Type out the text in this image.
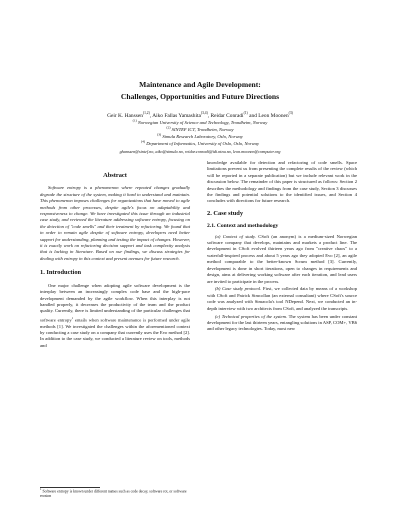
Maintenance and Agile Development:
Challenges, Opportunities and Future Directions
Geir K. Hanssen$^{(1,2)}$, Aiko Fallas Yamashita$^{(3,4)}$, Reidar Conradi$^{(1)}$ and Leon Moonen$^{(3)}$
$^{(1)}$ Norwegian University of Science and Technology, Trondheim, Norway
$^{(2)}$ SINTEF ICT, Trondheim, Norway
$^{(3)}$ Simula Research Laboratory, Oslo, Norway
$^{(4)}$ Department of Informatics, University of Oslo, Oslo, Norway
ghanssen@sintef.no, aiko@simula.no, reidar.conradi@idi.ntnu.no, leon.moonen@computer.org
Abstract

Software entropy is a phenomenon where repeated changes gradually degrade the structure of the system, making it hard to understand and maintain. This phenomenon imposes challenges for organizations that have moved to agile methods from other processes, despite agile's focus on adaptability and responsiveness to change. We have investigated this issue through an industrial case study, and reviewed the literature addressing software entropy, focusing on the detection of "code smells" and their treatment by refactoring. We found that in order to remain agile despite of software entropy, developers need better support for understanding, planning and testing the impact of changes. However, it is exactly work on refactoring decision support and task complexity analysis that is lacking in literature. Based on our findings, we discuss strategies for dealing with entropy in this context and present avenues for future research.

1. Introduction

One major challenge when adopting agile software development is the interplay between an increasingly complex code base and the high-pace development demanded by the agile workflow. When this interplay is not handled properly, it decreases the productivity of the team and the product quality. Currently, there is limited understanding of the particular challenges that software entropy$^1$ entails when software maintenance is performed under agile methods [1]. We investigated the challenges within the aforementioned context by conducting a case study on a company that currently uses the Evo method [2]. In addition to the case study, we conducted a literature review on tools, methods and

knowledge available for detection and refactoring of code smells. Space limitations prevent us from presenting the complete results of the review (which will be reported in a separate publication) but we include relevant work in the discussion below. The remainder of this paper is structured as follows: Section 2 describes the methodology and findings from the case study, Section 3 discusses the findings and potential solutions to the identified issues, and Section 4 concludes with directions for future research.

2. Case study
2.1. Context and methodology

(a) Context of study. CSoft (an anonym) is a medium-sized Norwegian software company that develops, maintains and markets a product line. The development in CSoft evolved thirteen years ago from "creative chaos" to a waterfall-inspired process and about 5 years ago they adopted Evo [2], an agile method comparable to the better-known Scrum method [3]. Currently, development is done in short iterations, open to changes in requirements and design, aims at delivering working software after each iteration, and lead users are invited to participate in the process.

(b) Case study protocol. First, we collected data by means of a workshop with CSoft and Patrick Simcollan (an external consultant) where CSoft's source code was analyzed with Simacola's tool NDepend. Next, we conducted an in-depth interview with two architects from CSoft, and analyzed the transcripts.

(c) Technical properties of the system. The system has been under constant development for the last thirteen years, entangling solutions in ASP, COM+, VB6 and other legacy technologies. Today, most new

$^1$ Software entropy is known under different names such as code decay, software rot, or software erosion
